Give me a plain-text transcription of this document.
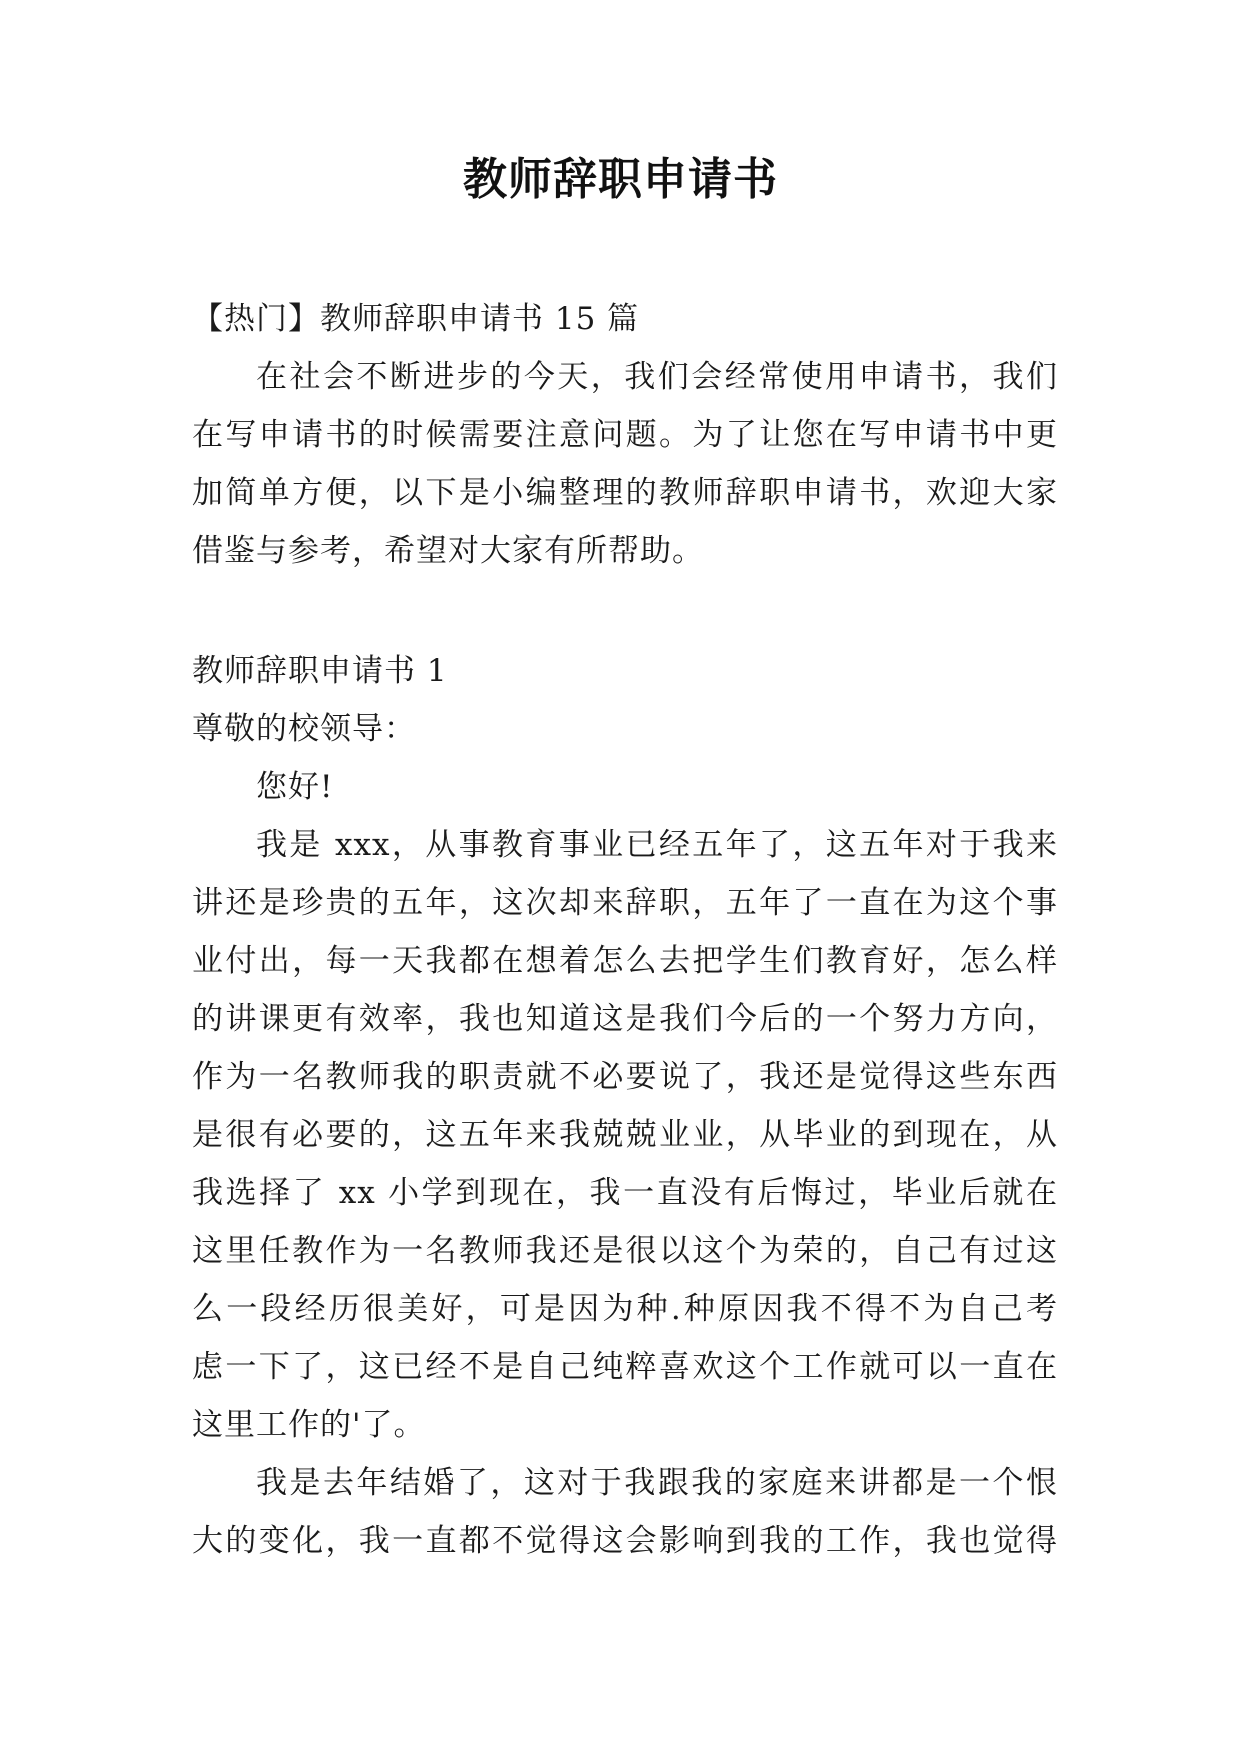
教师辞职申请书
【热门】教师辞职申请书 15 篇
在社会不断进步的今天，我们会经常使用申请书，我们
在写申请书的时候需要注意问题。为了让您在写申请书中更
加简单方便，以下是小编整理的教师辞职申请书，欢迎大家
借鉴与参考，希望对大家有所帮助。
教师辞职申请书 1
尊敬的校领导：
您好!
我是 xxx，从事教育事业已经五年了，这五年对于我来
讲还是珍贵的五年，这次却来辞职，五年了一直在为这个事
业付出，每一天我都在想着怎么去把学生们教育好，怎么样
的讲课更有效率，我也知道这是我们今后的一个努力方向，
作为一名教师我的职责就不必要说了，我还是觉得这些东西
是很有必要的，这五年来我兢兢业业，从毕业的到现在，从
我选择了 xx 小学到现在，我一直没有后悔过，毕业后就在
这里任教作为一名教师我还是很以这个为荣的，自己有过这
么一段经历很美好，可是因为种.种原因我不得不为自己考
虑一下了，这已经不是自己纯粹喜欢这个工作就可以一直在
这里工作的'了。
我是去年结婚了，这对于我跟我的家庭来讲都是一个恨
大的变化，我一直都不觉得这会影响到我的工作，我也觉得
